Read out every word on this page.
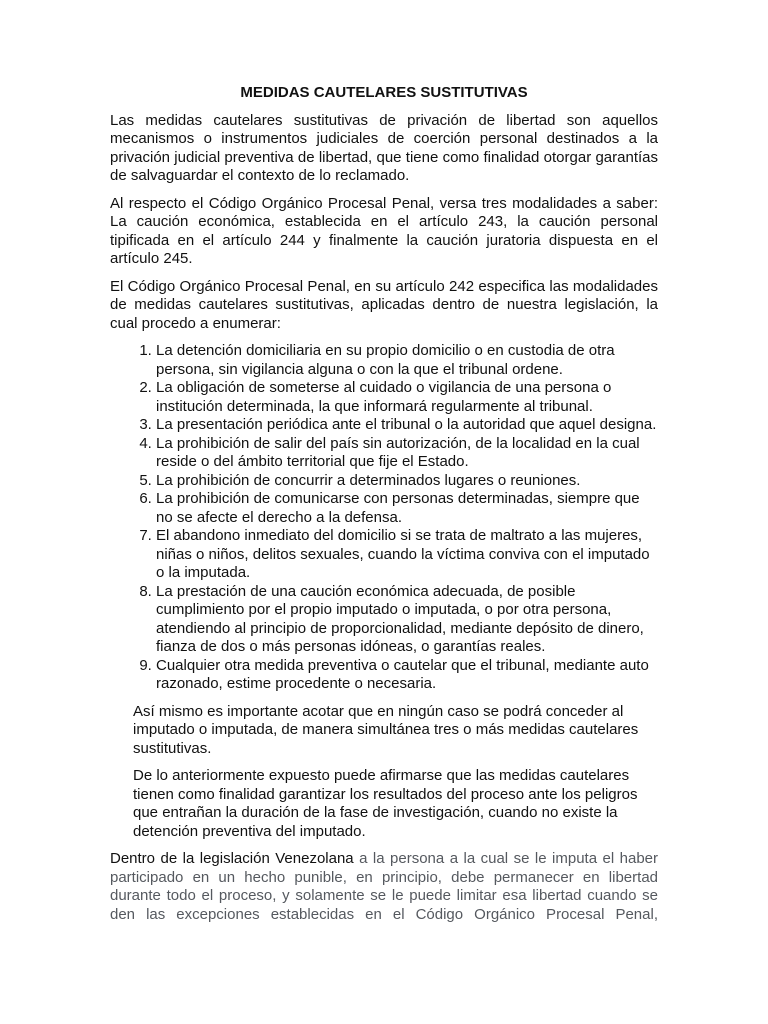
MEDIDAS CAUTELARES SUSTITUTIVAS

Las medidas cautelares sustitutivas de privación de libertad son aquellos mecanismos o instrumentos judiciales de coerción personal destinados a la privación judicial preventiva de libertad, que tiene como finalidad otorgar garantías de salvaguardar el contexto de lo reclamado.

Al respecto el Código Orgánico Procesal Penal, versa tres modalidades a saber: La caución económica, establecida en el artículo 243, la caución personal tipificada en el artículo 244 y finalmente la caución juratoria dispuesta en el artículo 245.

El Código Orgánico Procesal Penal, en su artículo 242 especifica las modalidades de medidas cautelares sustitutivas, aplicadas dentro de nuestra legislación, la cual procedo a enumerar:

1. La detención domiciliaria en su propio domicilio o en custodia de otra persona, sin vigilancia alguna o con la que el tribunal ordene.
2. La obligación de someterse al cuidado o vigilancia de una persona o institución determinada, la que informará regularmente al tribunal.
3. La presentación periódica ante el tribunal o la autoridad que aquel designa.
4. La prohibición de salir del país sin autorización, de la localidad en la cual reside o del ámbito territorial que fije el Estado.
5. La prohibición de concurrir a determinados lugares o reuniones.
6. La prohibición de comunicarse con personas determinadas, siempre que no se afecte el derecho a la defensa.
7. El abandono inmediato del domicilio si se trata de maltrato a las mujeres, niñas o niños, delitos sexuales, cuando la víctima conviva con el imputado o la imputada.
8. La prestación de una caución económica adecuada, de posible cumplimiento por el propio imputado o imputada, o por otra persona, atendiendo al principio de proporcionalidad, mediante depósito de dinero, fianza de dos o más personas idóneas, o garantías reales.
9. Cualquier otra medida preventiva o cautelar que el tribunal, mediante auto razonado, estime procedente o necesaria.

Así mismo es importante acotar que en ningún caso se podrá conceder al imputado o imputada, de manera simultánea tres o más medidas cautelares sustitutivas.

De lo anteriormente expuesto puede afirmarse que las medidas cautelares tienen como finalidad garantizar los resultados del proceso ante los peligros que entrañan la duración de la fase de investigación, cuando no existe la detención preventiva del imputado.

Dentro de la legislación Venezolana a la persona a la cual se le imputa el haber participado en un hecho punible, en principio, debe permanecer en libertad durante todo el proceso, y solamente se le puede limitar esa libertad cuando se den las excepciones establecidas en el Código Orgánico Procesal Penal,
